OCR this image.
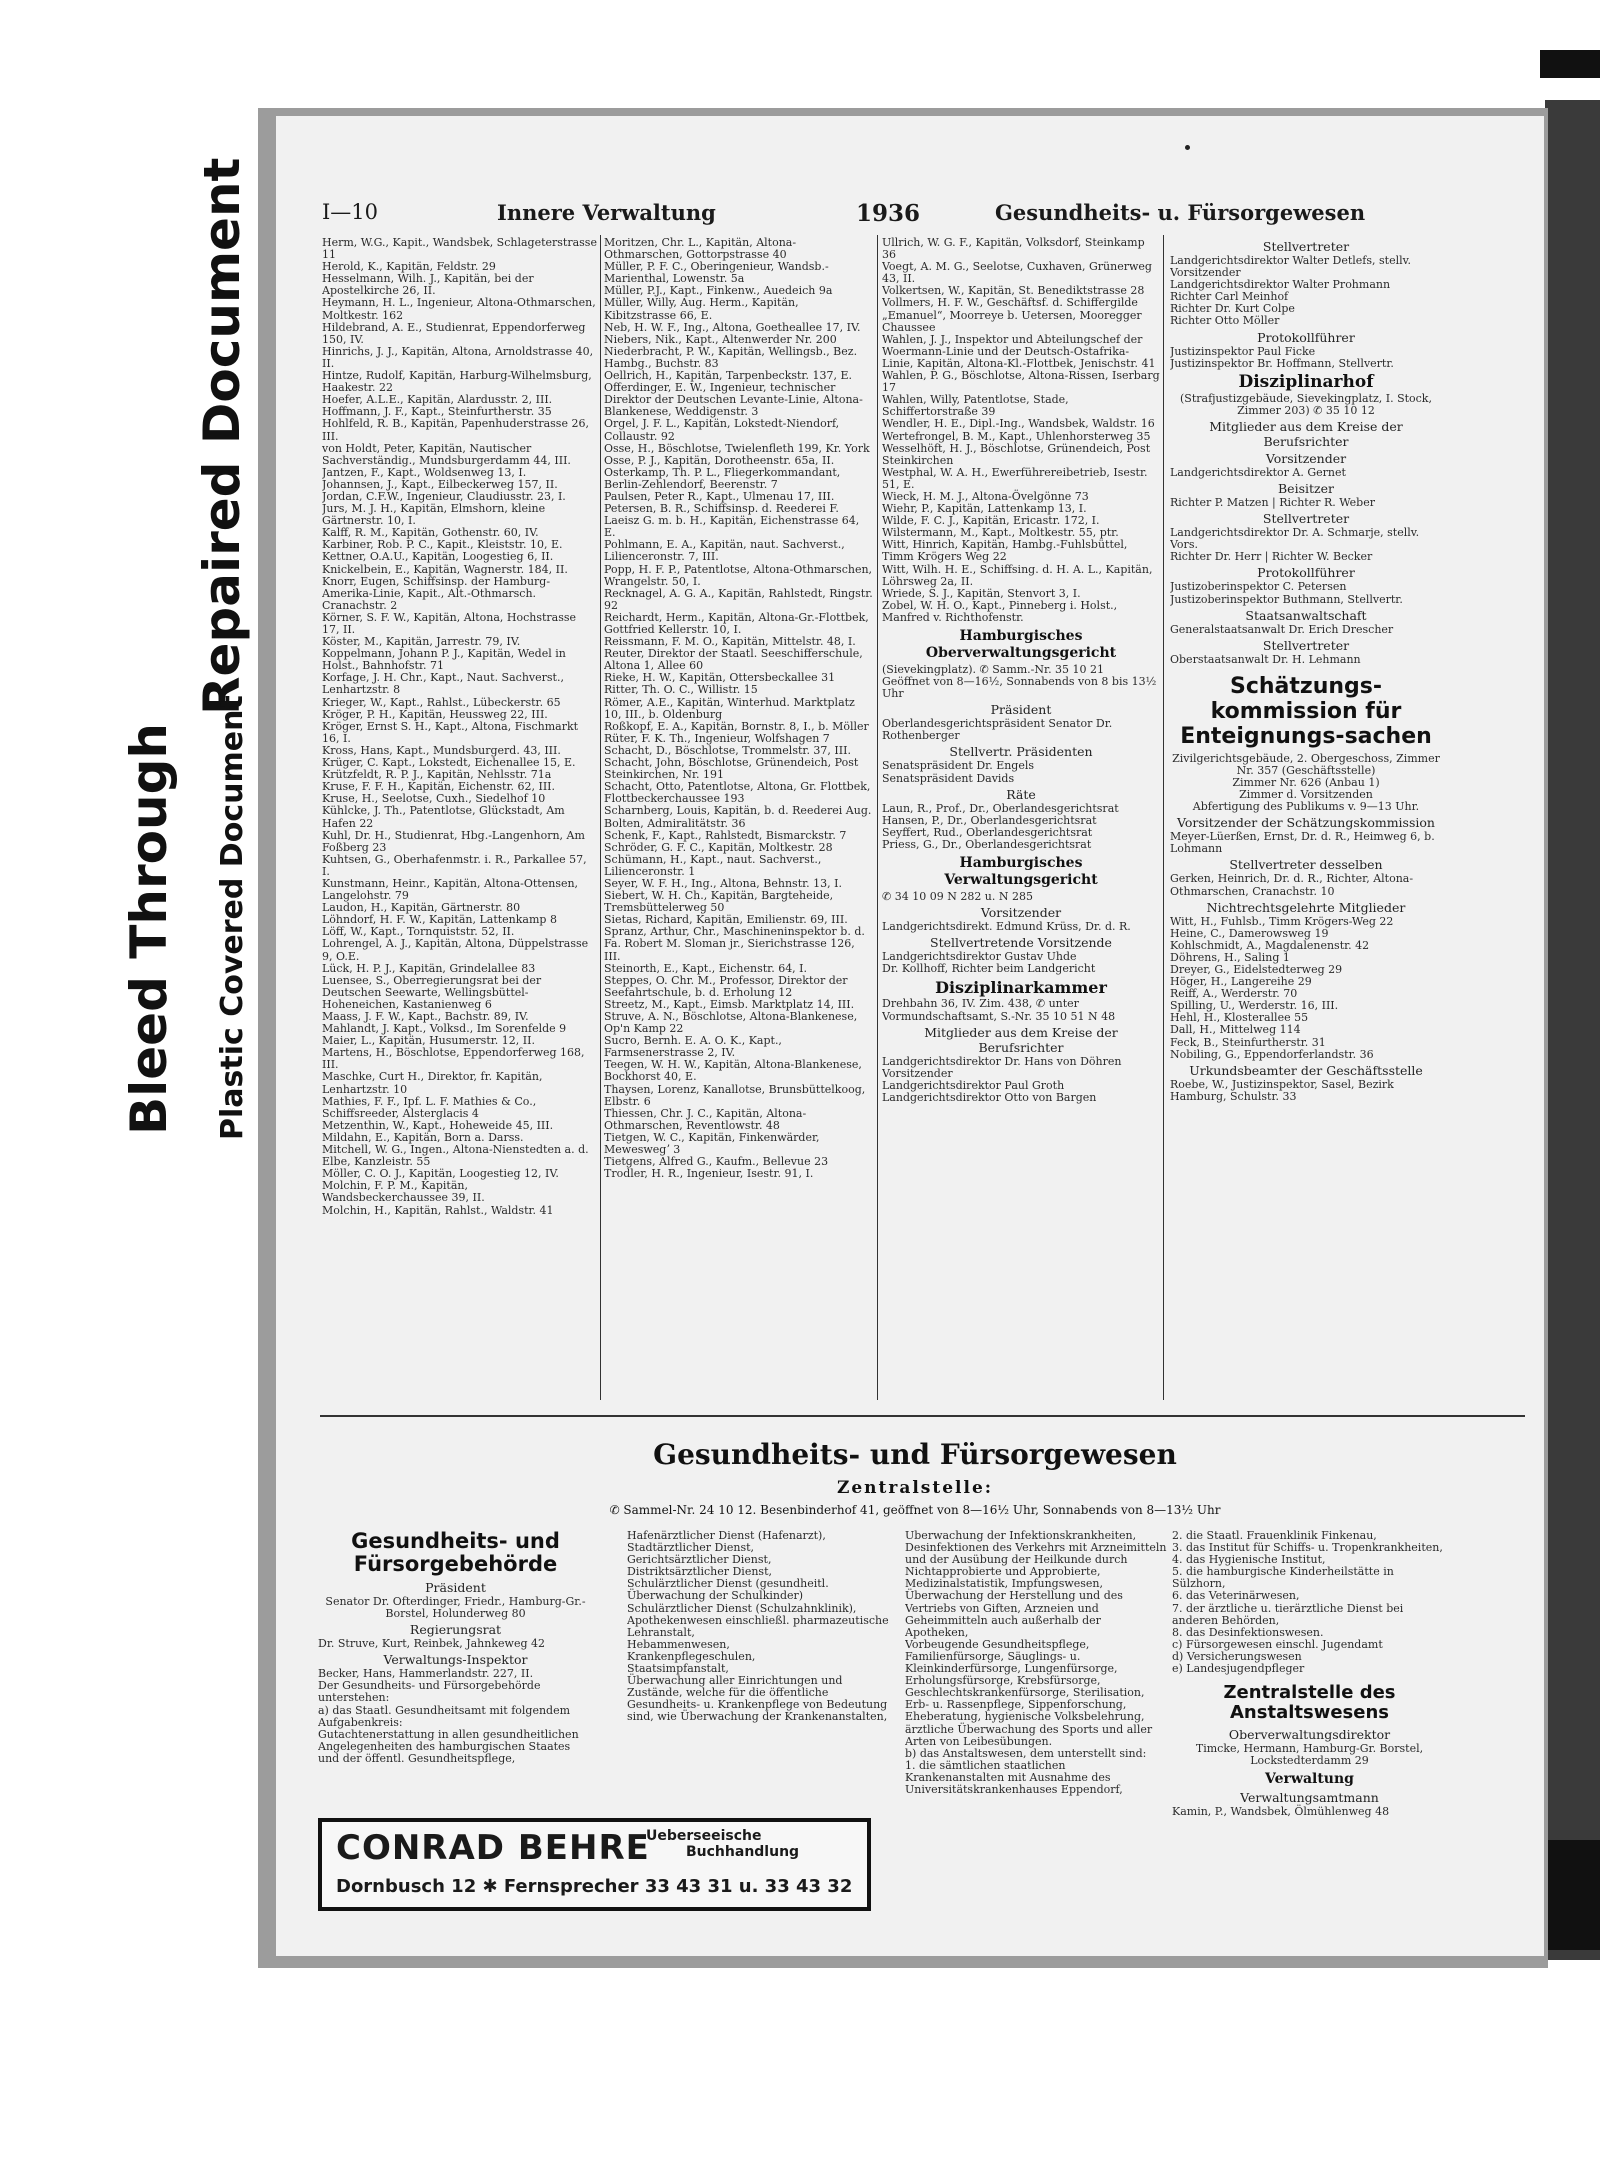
Bleed Through
Repaired Document
Plastic Covered Document
I—10	Innere Verwaltung	1936	Gesundheits- u. Fürsorgewesen

Herm, W.G., Kapit., Wandsbek, Schlageterstrasse 11

Herold, K., Kapitän, Feldstr. 29

Hesselmann, Wilh. J., Kapitän, bei der Apostelkirche 26, II.

Heymann, H. L., Ingenieur, Altona-Othmarschen, Moltkestr. 162

Hildebrand, A. E., Studienrat, Eppendorferweg 150, IV.

Hinrichs, J. J., Kapitän, Altona, Arnoldstrasse 40, II.

Hintze, Rudolf, Kapitän, Harburg-Wilhelmsburg, Haakestr. 22

Hoefer, A.L.E., Kapitän, Alardusstr. 2, III.

Hoffmann, J. F., Kapt., Steinfurtherstr. 35

Hohlfeld, R. B., Kapitän, Papenhuderstrasse 26, III.

von Holdt, Peter, Kapitän, Nautischer Sachverständig., Mundsburgerdamm 44, III.

Jantzen, F., Kapt., Woldsenweg 13, I.

Johannsen, J., Kapt., Eilbeckerweg 157, II.

Jordan, C.F.W., Ingenieur, Claudiusstr. 23, I.

Jurs, M. J. H., Kapitän, Elmshorn, kleine Gärtnerstr. 10, I.

Kalff, R. M., Kapitän, Gothenstr. 60, IV.

Karbiner, Rob. P. C., Kapit., Kleiststr. 10, E.

Kettner, O.A.U., Kapitän, Loogestieg 6, II.

Knickelbein, E., Kapitän, Wagnerstr. 184, II.

Knorr, Eugen, Schiffsinsp. der Hamburg-Amerika-Linie, Kapit., Alt.-Othmarsch. Cranachstr. 2

Körner, S. F. W., Kapitän, Altona, Hochstrasse 17, II.

Köster, M., Kapitän, Jarrestr. 79, IV.

Koppelmann, Johann P. J., Kapitän, Wedel in Holst., Bahnhofstr. 71

Korfage, J. H. Chr., Kapt., Naut. Sachverst., Lenhartzstr. 8

Krieger, W., Kapt., Rahlst., Lübeckerstr. 65

Kröger, P. H., Kapitän, Heussweg 22, III.

Kröger, Ernst S. H., Kapt., Altona, Fischmarkt 16, I.

Kross, Hans, Kapt., Mundsburgerd. 43, III.

Krüger, C. Kapt., Lokstedt, Eichenallee 15, E.

Krützfeldt, R. P. J., Kapitän, Nehlsstr. 71a

Kruse, F. F. H., Kapitän, Eichenstr. 62, III.

Kruse, H., Seelotse, Cuxh., Siedelhof 10

Kühlcke, J. Th., Patentlotse, Glückstadt, Am Hafen 22

Kuhl, Dr. H., Studienrat, Hbg.-Langenhorn, Am Foßberg 23

Kuhtsen, G., Oberhafenmstr. i. R., Parkallee 57, I.

Kunstmann, Heinr., Kapitän, Altona-Ottensen, Langelohstr. 79

Laudon, H., Kapitän, Gärtnerstr. 80

Löhndorf, H. F. W., Kapitän, Lattenkamp 8

Löff, W., Kapt., Tornquiststr. 52, II.

Lohrengel, A. J., Kapitän, Altona, Düppelstrasse 9, O.E.

Lück, H. P. J., Kapitän, Grindelallee 83

Luensee, S., Oberregierungsrat bei der Deutschen Seewarte, Wellingsbüttel-Hoheneichen, Kastanienweg 6

Maass, J. F. W., Kapt., Bachstr. 89, IV.

Mahlandt, J. Kapt., Volksd., Im Sorenfelde 9

Maier, L., Kapitän, Husumerstr. 12, II.

Martens, H., Böschlotse, Eppendorferweg 168, III.

Maschke, Curt H., Direktor, fr. Kapitän, Lenhartzstr. 10

Mathies, F. F., Ipf. L. F. Mathies & Co., Schiffsreeder, Alsterglacis 4

Metzenthin, W., Kapt., Hoheweide 45, III.

Mildahn, E., Kapitän, Born a. Darss.

Mitchell, W. G., Ingen., Altona-Nienstedten a. d. Elbe, Kanzleistr. 55

Möller, C. O. J., Kapitän, Loogestieg 12, IV.

Molchin, F. P. M., Kapitän, Wandsbeckerchaussee 39, II.

Molchin, H., Kapitän, Rahlst., Waldstr. 41

Moritzen, Chr. L., Kapitän, Altona-Othmarschen, Gottorpstrasse 40

Müller, P. F. C., Oberingenieur, Wandsb.-Marienthal, Lowenstr. 5a

Müller, P.J., Kapt., Finkenw., Auedeich 9a

Müller, Willy, Aug. Herm., Kapitän, Kibitzstrasse 66, E.

Neb, H. W. F., Ing., Altona, Goetheallee 17, IV.

Niebers, Nik., Kapt., Altenwerder Nr. 200

Niederbracht, P. W., Kapitän, Wellingsb., Bez. Hambg., Buchstr. 83

Oellrich, H., Kapitän, Tarpenbeckstr. 137, E.

Offerdinger, E. W., Ingenieur, technischer Direktor der Deutschen Levante-Linie, Altona-Blankenese, Weddigenstr. 3

Orgel, J. F. L., Kapitän, Lokstedt-Niendorf, Collaustr. 92

Osse, H., Böschlotse, Twielenfleth 199, Kr. York

Osse, P. J., Kapitän, Dorotheenstr. 65a, II.

Osterkamp, Th. P. L., Fliegerkommandant, Berlin-Zehlendorf, Beerenstr. 7

Paulsen, Peter R., Kapt., Ulmenau 17, III.

Petersen, B. R., Schiffsinsp. d. Reederei F. Laeisz G. m. b. H., Kapitän, Eichenstrasse 64, E.

Pohlmann, E. A., Kapitän, naut. Sachverst., Lilienceronstr. 7, III.

Popp, H. F. P., Patentlotse, Altona-Othmarschen, Wrangelstr. 50, I.

Recknagel, A. G. A., Kapitän, Rahlstedt, Ringstr. 92

Reichardt, Herm., Kapitän, Altona-Gr.-Flottbek, Gottfried Kellerstr. 10, I.

Reissmann, F. M. O., Kapitän, Mittelstr. 48, I.

Reuter, Direktor der Staatl. Seeschifferschule, Altona 1, Allee 60

Rieke, H. W., Kapitän, Ottersbeckallee 31

Ritter, Th. O. C., Willistr. 15

Römer, A.E., Kapitän, Winterhud. Marktplatz 10, III., b. Oldenburg

Roßkopf, E. A., Kapitän, Bornstr. 8, I., b. Möller

Rüter, F. K. Th., Ingenieur, Wolfshagen 7

Schacht, D., Böschlotse, Trommelstr. 37, III.

Schacht, John, Böschlotse, Grünendeich, Post Steinkirchen, Nr. 191

Schacht, Otto, Patentlotse, Altona, Gr. Flottbek, Flottbeckerchaussee 193

Scharnberg, Louis, Kapitän, b. d. Reederei Aug. Bolten, Admiralitätstr. 36

Schenk, F., Kapt., Rahlstedt, Bismarckstr. 7

Schröder, G. F. C., Kapitän, Moltkestr. 28

Schümann, H., Kapt., naut. Sachverst., Lilienceronstr. 1

Seyer, W. F. H., Ing., Altona, Behnstr. 13, I.

Siebert, W. H. Ch., Kapitän, Bargteheide, Tremsbüttelerweg 50

Sietas, Richard, Kapitän, Emilienstr. 69, III.

Spranz, Arthur, Chr., Maschineninspektor b. d. Fa. Robert M. Sloman jr., Sierichstrasse 126, III.

Steinorth, E., Kapt., Eichenstr. 64, I.

Steppes, O. Chr. M., Professor, Direktor der Seefahrtschule, b. d. Erholung 12

Streetz, M., Kapt., Eimsb. Marktplatz 14, III.

Struve, A. N., Böschlotse, Altona-Blankenese, Op'n Kamp 22

Sucro, Bernh. E. A. O. K., Kapt., Farmsenerstrasse 2, IV.

Teegen, W. H. W., Kapitän, Altona-Blankenese, Bockhorst 40, E.

Thaysen, Lorenz, Kanallotse, Brunsbüttelkoog, Elbstr. 6

Thiessen, Chr. J. C., Kapitän, Altona-Othmarschen, Reventlowstr. 48

Tietgen, W. C., Kapitän, Finkenwärder, Meweswegʼ 3

Tietgens, Alfred G., Kaufm., Bellevue 23

Trodler, H. R., Ingenieur, Isestr. 91, I.

Ullrich, W. G. F., Kapitän, Volksdorf, Steinkamp 36

Voegt, A. M. G., Seelotse, Cuxhaven, Grünerweg 43, II.

Volkertsen, W., Kapitän, St. Benediktstrasse 28

Vollmers, H. F. W., Geschäftsf. d. Schiffergilde „Emanuel“, Moorreye b. Uetersen, Mooregger Chaussee

Wahlen, J. J., Inspektor und Abteilungschef der Woermann-Linie und der Deutsch-Ostafrika-Linie, Kapitän, Altona-Kl.-Flottbek, Jenischstr. 41

Wahlen, P. G., Böschlotse, Altona-Rissen, Iserbarg 17

Wahlen, Willy, Patentlotse, Stade, Schiffertorstraße 39

Wendler, H. E., Dipl.-Ing., Wandsbek, Waldstr. 16

Wertefrongel, B. M., Kapt., Uhlenhorsterweg 35

Wesselhöft, H. J., Böschlotse, Grünendeich, Post Steinkirchen

Westphal, W. A. H., Ewerführereibetrieb, Isestr. 51, E.

Wieck, H. M. J., Altona-Övelgönne 73

Wiehr, P., Kapitän, Lattenkamp 13, I.

Wilde, F. C. J., Kapitän, Ericastr. 172, I.

Wilstermann, M., Kapt., Moltkestr. 55, ptr.

Witt, Hinrich, Kapitän, Hambg.-Fuhlsbüttel, Timm Krögers Weg 22

Witt, Wilh. H. E., Schiffsing. d. H. A. L., Kapitän, Löhrsweg 2a, II.

Wriede, S. J., Kapitän, Stenvort 3, I.

Zobel, W. H. O., Kapt., Pinneberg i. Holst., Manfred v. Richthofenstr.

Hamburgisches Oberverwaltungsgericht

(Sievekingplatz). ✆ Samm.-Nr. 35 10 21

Geöffnet von 8—16½, Sonnabends von 8 bis 13½ Uhr

Präsident

Oberlandesgerichtspräsident Senator Dr. Rothenberger

Stellvertr. Präsidenten

Senatspräsident Dr. Engels

Senatspräsident Davids

Räte

Laun, R., Prof., Dr., Oberlandesgerichtsrat

Hansen, P., Dr., Oberlandesgerichtsrat

Seyffert, Rud., Oberlandesgerichtsrat

Priess, G., Dr., Oberlandesgerichtsrat

Hamburgisches Verwaltungsgericht

✆ 34 10 09 N 282 u. N 285

Vorsitzender

Landgerichtsdirekt. Edmund Krüss, Dr. d. R.

Stellvertretende Vorsitzende

Landgerichtsdirektor Gustav Uhde

Dr. Kollhoff, Richter beim Landgericht

Disziplinarkammer

Drehbahn 36, IV. Zim. 438, ✆ unter Vormundschaftsamt, S.-Nr. 35 10 51 N 48

Mitglieder aus dem Kreise der Berufsrichter

Landgerichtsdirektor Dr. Hans von Döhren

Vorsitzender

Landgerichtsdirektor Paul Groth

Landgerichtsdirektor Otto von Bargen

Stellvertreter

Landgerichtsdirektor Walter Detlefs, stellv. Vorsitzender

Landgerichtsdirektor Walter Prohmann

Richter Carl Meinhof

Richter Dr. Kurt Colpe

Richter Otto Möller

Protokollführer

Justizinspektor Paul Ficke

Justizinspektor Br. Hoffmann, Stellvertr.

Disziplinarhof

(Strafjustizgebäude, Sievekingplatz, I. Stock, Zimmer 203) ✆ 35 10 12

Mitglieder aus dem Kreise der Berufsrichter
Vorsitzender

Landgerichtsdirektor A. Gernet

Beisitzer

Richter P. Matzen | Richter R. Weber

Stellvertreter

Landgerichtsdirektor Dr. A. Schmarje, stellv. Vors.

Richter Dr. Herr | Richter W. Becker

Protokollführer

Justizoberinspektor C. Petersen

Justizoberinspektor Buthmann, Stellvertr.

Staatsanwaltschaft

Generalstaatsanwalt Dr. Erich Drescher

Stellvertreter

Oberstaatsanwalt Dr. H. Lehmann

Schätzungs-kommission für Enteignungs-sachen

Zivilgerichtsgebäude, 2. Obergeschoss, Zimmer Nr. 357 (Geschäftsstelle)

Zimmer Nr. 626 (Anbau 1)

Zimmer d. Vorsitzenden

Abfertigung des Publikums v. 9—13 Uhr.

Vorsitzender der Schätzungskommission

Meyer-Lüerßen, Ernst, Dr. d. R., Heimweg 6, b. Lohmann

Stellvertreter desselben

Gerken, Heinrich, Dr. d. R., Richter, Altona-Othmarschen, Cranachstr. 10

Nichtrechtsgelehrte Mitglieder

Witt, H., Fuhlsb., Timm Krögers-Weg 22

Heine, C., Damerowsweg 19

Kohlschmidt, A., Magdalenenstr. 42

Döhrens, H., Saling 1

Dreyer, G., Eidelstedterweg 29

Höger, H., Langereihe 29

Reiff, A., Werderstr. 70

Spilling, U., Werderstr. 16, III.

Hehl, H., Klosterallee 55

Dall, H., Mittelweg 114

Feck, B., Steinfurtherstr. 31

Nobiling, G., Eppendorferlandstr. 36

Urkundsbeamter der Geschäftsstelle

Roebe, W., Justizinspektor, Sasel, Bezirk Hamburg, Schulstr. 33

Gesundheits- und Fürsorgewesen
Zentralstelle:
✆ Sammel-Nr. 24 10 12. Besenbinderhof 41, geöffnet von 8—16½ Uhr, Sonnabends von 8—13½ Uhr
Gesundheits- und Fürsorgebehörde
Präsident

Senator Dr. Ofterdinger, Friedr., Hamburg-Gr.-Borstel, Holunderweg 80

Regierungsrat

Dr. Struve, Kurt, Reinbek, Jahnkeweg 42

Verwaltungs-Inspektor

Becker, Hans, Hammerlandstr. 227, II.

Der Gesundheits- und Fürsorgebehörde unterstehen:

a) das Staatl. Gesundheitsamt mit folgendem Aufgabenkreis:

Gutachtenerstattung in allen gesundheitlichen Angelegenheiten des hamburgischen Staates und der öffentl. Gesundheitspflege,

Hafenärztlicher Dienst (Hafenarzt),

Stadtärztlicher Dienst,

Gerichtsärztlicher Dienst,

Distriktsärztlicher Dienst,

Schulärztlicher Dienst (gesundheitl. Überwachung der Schulkinder)

Schulärztlicher Dienst (Schulzahnklinik),

Apothekenwesen einschließl. pharmazeutische Lehranstalt,

Hebammenwesen,

Krankenpflegeschulen,

Staatsimpfanstalt,

Überwachung aller Einrichtungen und Zustände, welche für die öffentliche Gesundheits- u. Krankenpflege von Bedeutung sind, wie Überwachung der Krankenanstalten,

Überwachung der Infektionskrankheiten, Desinfektionen des Verkehrs mit Arzneimitteln und der Ausübung der Heilkunde durch Nichtapprobierte und Approbierte, Medizinalstatistik, Impfungswesen,

Überwachung der Herstellung und des Vertriebs von Giften, Arzneien und Geheimmitteln auch außerhalb der Apotheken,

Vorbeugende Gesundheitspflege, Familienfürsorge, Säuglings- u. Kleinkinderfürsorge, Lungenfürsorge, Erholungsfürsorge, Krebsfürsorge, Geschlechtskrankenfürsorge, Sterilisation,

Erb- u. Rassenpflege, Sippenforschung, Eheberatung, hygienische Volksbelehrung, ärztliche Überwachung des Sports und aller Arten von Leibesübungen.

b) das Anstaltswesen, dem unterstellt sind:

1. die sämtlichen staatlichen Krankenanstalten mit Ausnahme des Universitätskrankenhauses Eppendorf,

2. die Staatl. Frauenklinik Finkenau,

3. das Institut für Schiffs- u. Tropenkrankheiten,

4. das Hygienische Institut,

5. die hamburgische Kinderheilstätte in Sülzhorn,

6. das Veterinärwesen,

7. der ärztliche u. tierärztliche Dienst bei anderen Behörden,

8. das Desinfektionswesen.

c) Fürsorgewesen einschl. Jugendamt

d) Versicherungswesen

e) Landesjugendpfleger

Zentralstelle des Anstaltswesens
Oberverwaltungsdirektor

Timcke, Hermann, Hamburg-Gr. Borstel, Lockstedterdamm 29

Verwaltung
Verwaltungsamtmann

Kamin, P., Wandsbek, Ölmühlenweg 48

CONRAD BEHRE
Ueberseeische
Buchhandlung
Dornbusch 12 ✱ Fernsprecher 33 43 31 u. 33 43 32
